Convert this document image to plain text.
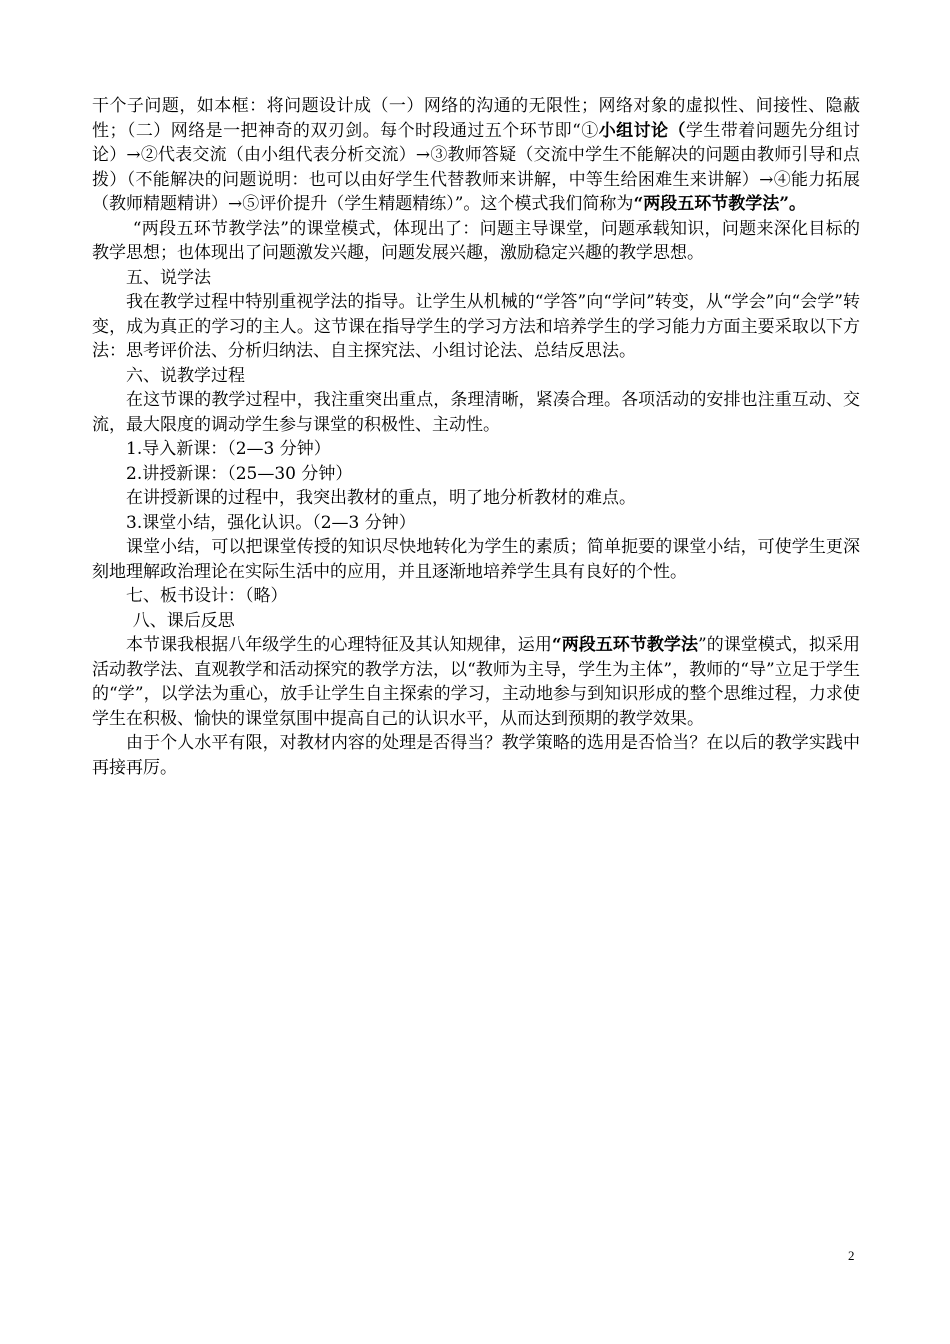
干个子问题，如本框：将问题设计成（一）网络的沟通的无限性；网络对象的虚拟性、间接性、隐蔽性；（二）网络是一把神奇的双刃剑。每个时段通过五个环节即“①小组讨论（学生带着问题先分组讨论）→②代表交流（由小组代表分析交流）→③教师答疑（交流中学生不能解决的问题由教师引导和点拨）（不能解决的问题说明：也可以由好学生代替教师来讲解，中等生给困难生来讲解）→④能力拓展（教师精题精讲）→⑤评价提升（学生精题精练）”。这个模式我们简称为“两段五环节教学法”。

“两段五环节教学法”的课堂模式，体现出了：问题主导课堂，问题承载知识，问题来深化目标的教学思想；也体现出了问题激发兴趣，问题发展兴趣，激励稳定兴趣的教学思想。

五、说学法

我在教学过程中特别重视学法的指导。让学生从机械的“学答”向“学问”转变，从“学会”向“会学”转变，成为真正的学习的主人。这节课在指导学生的学习方法和培养学生的学习能力方面主要采取以下方法：思考评价法、分析归纳法、自主探究法、小组讨论法、总结反思法。

六、说教学过程

在这节课的教学过程中，我注重突出重点，条理清晰，紧凑合理。各项活动的安排也注重互动、交流，最大限度的调动学生参与课堂的积极性、主动性。

1.导入新课：（2—3 分钟）

2.讲授新课：（25—30 分钟）

在讲授新课的过程中，我突出教材的重点，明了地分析教材的难点。

3.课堂小结，强化认识。（2—3 分钟）

课堂小结，可以把课堂传授的知识尽快地转化为学生的素质；简单扼要的课堂小结，可使学生更深刻地理解政治理论在实际生活中的应用，并且逐渐地培养学生具有良好的个性。

七、板书设计：（略）

八、课后反思

本节课我根据八年级学生的心理特征及其认知规律，运用“两段五环节教学法”的课堂模式，拟采用活动教学法、直观教学和活动探究的教学方法，以“教师为主导，学生为主体”，教师的“导”立足于学生的“学”，以学法为重心，放手让学生自主探索的学习，主动地参与到知识形成的整个思维过程，力求使学生在积极、愉快的课堂氛围中提高自己的认识水平，从而达到预期的教学效果。

由于个人水平有限，对教材内容的处理是否得当？教学策略的选用是否恰当？在以后的教学实践中再接再厉。

2
